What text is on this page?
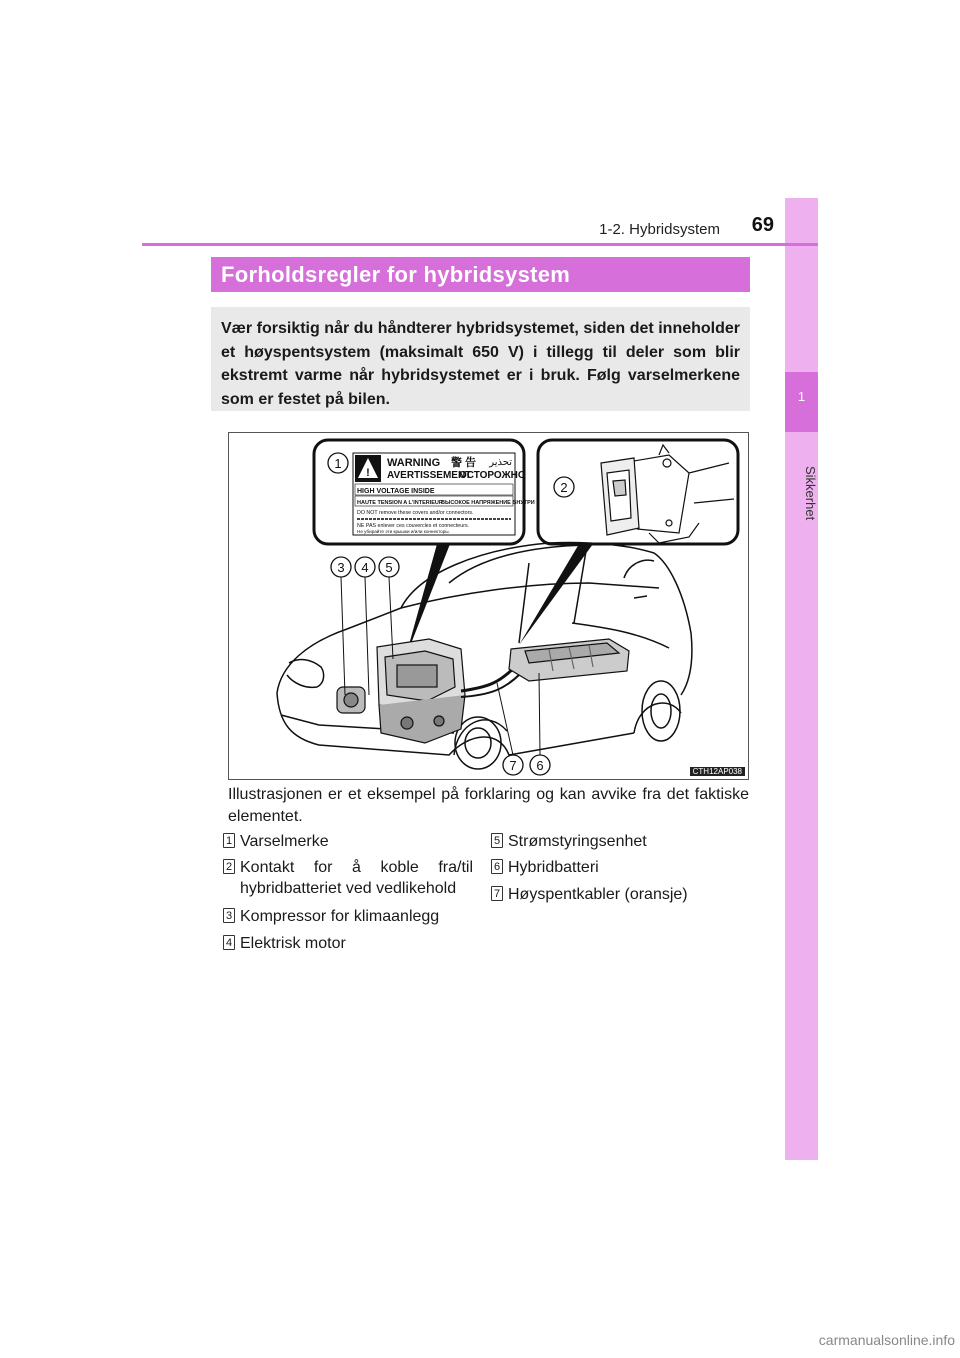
1
Sikkerhet
1-2. Hybridsystem	69
Forholdsregler for hybridsystem
Vær forsiktig når du håndterer hybridsystemet, siden det inneholder et høyspentsystem (maksimalt 650 V) i tillegg til deler som blir ekstremt varme når hybridsystemet er i bruk. Følg varselmerkene som er festet på bilen.
!
WARNING 警 告 تحذير
AVERTISSEMENT
ОСТОРОЖНО
HIGH VOLTAGE INSIDE
HAUTE TENSION A L'INTERIEUR
ВЫСОКОЕ НАПРЯЖЕНИЕ ВНУТРИ
DO NOT remove these covers and/or connectors.
NE PAS enlever ces couvercles et connecteurs.
Не убирайте эти крышки и/или коннекторы.
1
2
3 4 5
7 6	CTH12AP038
Illustrasjonen er et eksempel på forklaring og kan avvike fra det faktiske elementet.
1 Varselmerke
2 Kontakt for å koble fra/til
hybridbatteriet ved vedlikehold
3 Kompressor for klimaanlegg
4 Elektrisk motor
5 Strømstyringsenhet
6 Hybridbatteri
7 Høyspentkabler (oransje)
carmanualsonline.info
